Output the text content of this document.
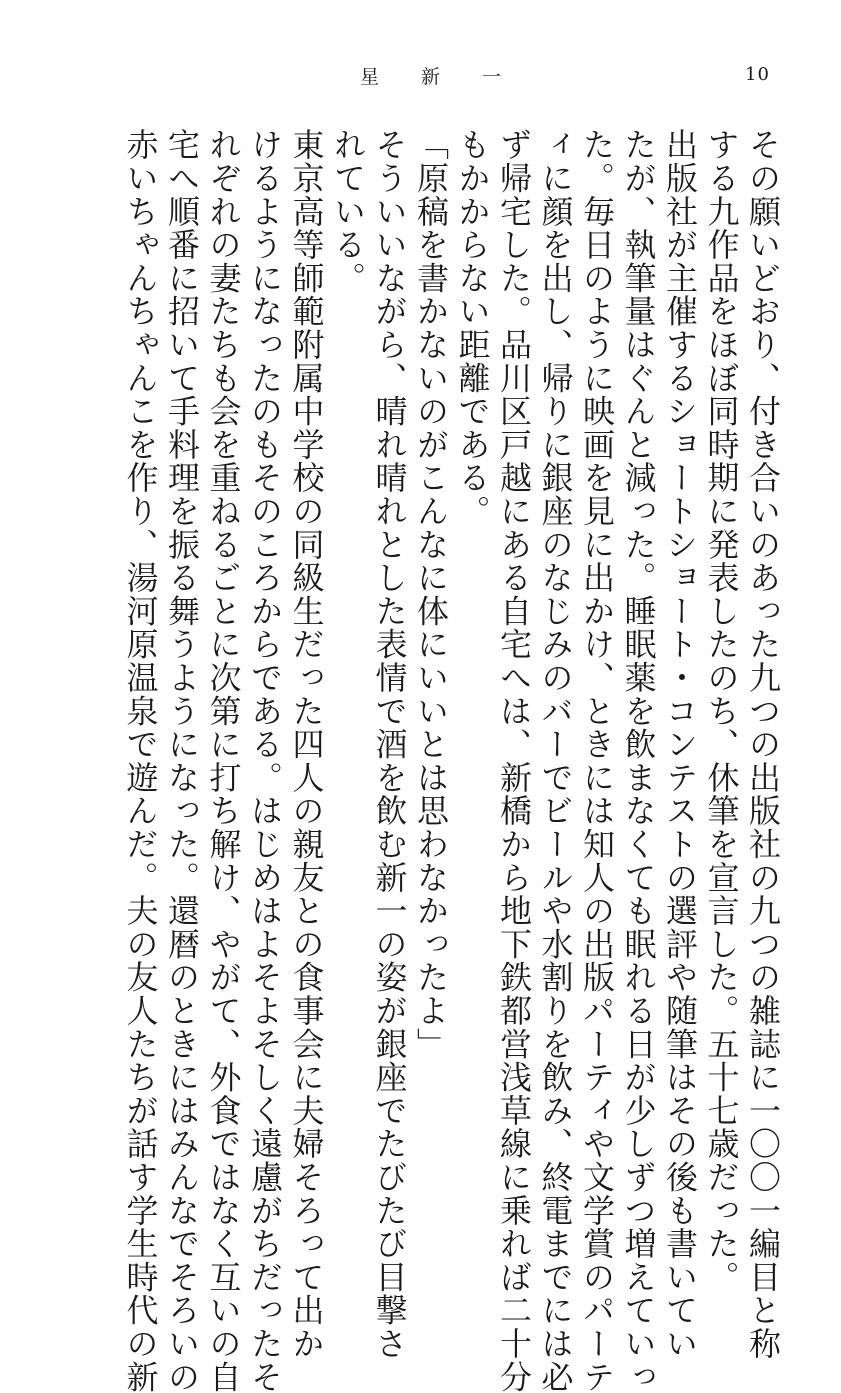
星新一	10
その願いどおり、付き合いのあった九つの出版社の九つの雑誌に一〇〇一編目と称
する九作品をほぼ同時期に発表したのち、休筆を宣言した。五十七歳だった。
出版社が主催するショートショート・コンテストの選評や随筆はその後も書いてい
たが、執筆量はぐんと減った。睡眠薬を飲まなくても眠れる日が少しずつ増えていっ
た。毎日のように映画を見に出かけ、ときには知人の出版パーティや文学賞のパーテ
ィに顔を出し、帰りに銀座のなじみのバーでビールや水割りを飲み、終電までには必
ず帰宅した。品川区戸越にある自宅へは、新橋から地下鉄都営浅草線に乗れば二十分
もかからない距離である。
「原稿を書かないのがこんなに体にいいとは思わなかったよ」
そういいながら、晴れ晴れとした表情で酒を飲む新一の姿が銀座でたびたび目撃さ
れている。
東京高等師範附属中学校の同級生だった四人の親友との食事会に夫婦そろって出か
けるようになったのもそのころからである。はじめはよそよそしく遠慮がちだったそ
れぞれの妻たちも会を重ねるごとに次第に打ち解け、やがて、外食ではなく互いの自
宅へ順番に招いて手料理を振る舞うようになった。還暦のときにはみんなでそろいの
赤いちゃんちゃんこを作り、湯河原温泉で遊んだ。夫の友人たちが話す学生時代の新
